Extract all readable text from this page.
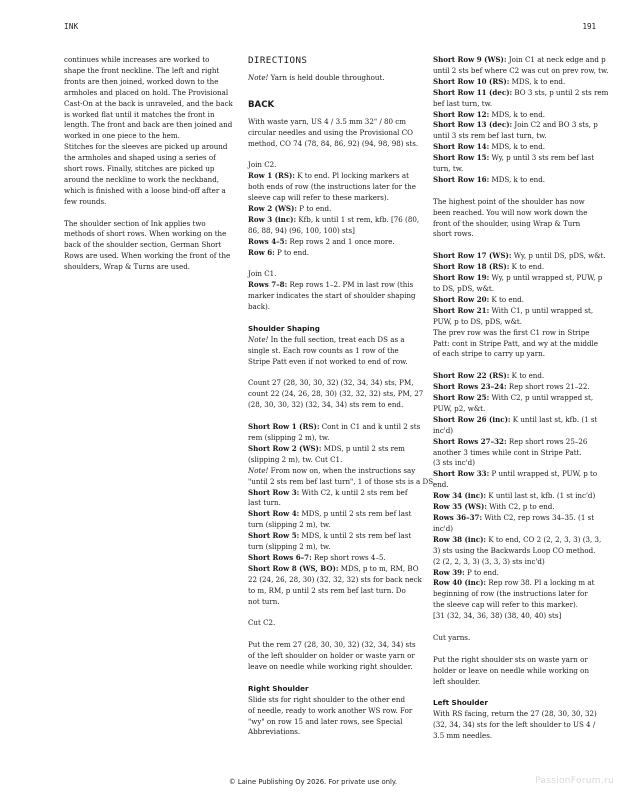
INK	191
continues while increases are worked to
shape the front neckline. The left and right
fronts are then joined, worked down to the
armholes and placed on hold. The Provisional
Cast-On at the back is unraveled, and the back
is worked flat until it matches the front in
length. The front and back are then joined and
worked in one piece to the hem.
Stitches for the sleeves are picked up around
the armholes and shaped using a series of
short rows. Finally, stitches are picked up
around the neckline to work the neckband,
which is finished with a loose bind-off after a
few rounds.
The shoulder section of Ink applies two
methods of short rows. When working on the
back of the shoulder section, German Short
Rows are used. When working the front of the
shoulders, Wrap & Turns are used.
DIRECTIONS
Note! Yarn is held double throughout.
BACK
With waste yarn, US 4 / 3.5 mm 32" / 80 cm
circular needles and using the Provisional CO
method, CO 74 (78, 84, 86, 92) (94, 98, 98) sts.
Join C2.
Row 1 (RS): K to end. Pl locking markers at
both ends of row (the instructions later for the
sleeve cap will refer to these markers).
Row 2 (WS): P to end.
Row 3 (inc): Kfb, k until 1 st rem, kfb. [76 (80,
86, 88, 94) (96, 100, 100) sts]
Rows 4–5: Rep rows 2 and 1 once more.
Row 6: P to end.
Join C1.
Rows 7–8: Rep rows 1–2. PM in last row (this
marker indicates the start of shoulder shaping
back).
Shoulder Shaping
Note! In the full section, treat each DS as a
single st. Each row counts as 1 row of the
Stripe Patt even if not worked to end of row.
Count 27 (28, 30, 30, 32) (32, 34, 34) sts, PM,
count 22 (24, 26, 28, 30) (32, 32, 32) sts, PM, 27
(28, 30, 30, 32) (32, 34, 34) sts rem to end.
Short Row 1 (RS): Cont in C1 and k until 2 sts
rem (slipping 2 m), tw.
Short Row 2 (WS): MDS, p until 2 sts rem
(slipping 2 m), tw. Cut C1.
Note! From now on, when the instructions say
"until 2 sts rem bef last turn", 1 of those sts is a DS.
Short Row 3: With C2, k until 2 sts rem bef
last turn.
Short Row 4: MDS, p until 2 sts rem bef last
turn (slipping 2 m), tw.
Short Row 5: MDS, k until 2 sts rem bef last
turn (slipping 2 m), tw.
Short Rows 6–7: Rep short rows 4–5.
Short Row 8 (WS, BO): MDS, p to m, RM, BO
22 (24, 26, 28, 30) (32, 32, 32) sts for back neck
to m, RM, p until 2 sts rem bef last turn. Do
not turn.
Cut C2.
Put the rem 27 (28, 30, 30, 32) (32, 34, 34) sts
of the left shoulder on holder or waste yarn or
leave on needle while working right shoulder.
Right Shoulder
Slide sts for right shoulder to the other end
of needle, ready to work another WS row. For
"wy" on row 15 and later rows, see Special
Abbreviations.
Short Row 9 (WS): Join C1 at neck edge and p
until 2 sts bef where C2 was cut on prev row, tw.
Short Row 10 (RS): MDS, k to end.
Short Row 11 (dec): BO 3 sts, p until 2 sts rem
bef last turn, tw.
Short Row 12: MDS, k to end.
Short Row 13 (dec): Join C2 and BO 3 sts, p
until 3 sts rem bef last turn, tw.
Short Row 14: MDS, k to end.
Short Row 15: Wy, p until 3 sts rem bef last
turn, tw.
Short Row 16: MDS, k to end.
The highest point of the shoulder has now
been reached. You will now work down the
front of the shoulder, using Wrap & Turn
short rows.
Short Row 17 (WS): Wy, p until DS, pDS, w&t.
Short Row 18 (RS): K to end.
Short Row 19: Wy, p until wrapped st, PUW, p
to DS, pDS, w&t.
Short Row 20: K to end.
Short Row 21: With C1, p until wrapped st,
PUW, p to DS, pDS, w&t.
The prev row was the first C1 row in Stripe
Patt: cont in Stripe Patt, and wy at the middle
of each stripe to carry up yarn.
Short Row 22 (RS): K to end.
Short Rows 23–24: Rep short rows 21–22.
Short Row 25: With C2, p until wrapped st,
PUW, p2, w&t.
Short Row 26 (inc): K until last st, kfb. (1 st
inc'd)
Short Rows 27–32: Rep short rows 25–26
another 3 times while cont in Stripe Patt.
(3 sts inc'd)
Short Row 33: P until wrapped st, PUW, p to
end.
Row 34 (inc): K until last st, kfb. (1 st inc'd)
Row 35 (WS): With C2, p to end.
Rows 36–37: With C2, rep rows 34–35. (1 st
inc'd)
Row 38 (inc): K to end, CO 2 (2, 2, 3, 3) (3, 3,
3) sts using the Backwards Loop CO method.
(2 (2, 2, 3, 3) (3, 3, 3) sts inc'd)
Row 39: P to end.
Row 40 (inc): Rep row 38. Pl a locking m at
beginning of row (the instructions later for
the sleeve cap will refer to this marker).
[31 (32, 34, 36, 38) (38, 40, 40) sts]
Cut yarns.
Put the right shoulder sts on waste yarn or
holder or leave on needle while working on
left shoulder.
Left Shoulder
With RS facing, return the 27 (28, 30, 30, 32)
(32, 34, 34) sts for the left shoulder to US 4 /
3.5 mm needles.
© Laine Publishing Oy 2026. For private use only.	PassionForum.ru
